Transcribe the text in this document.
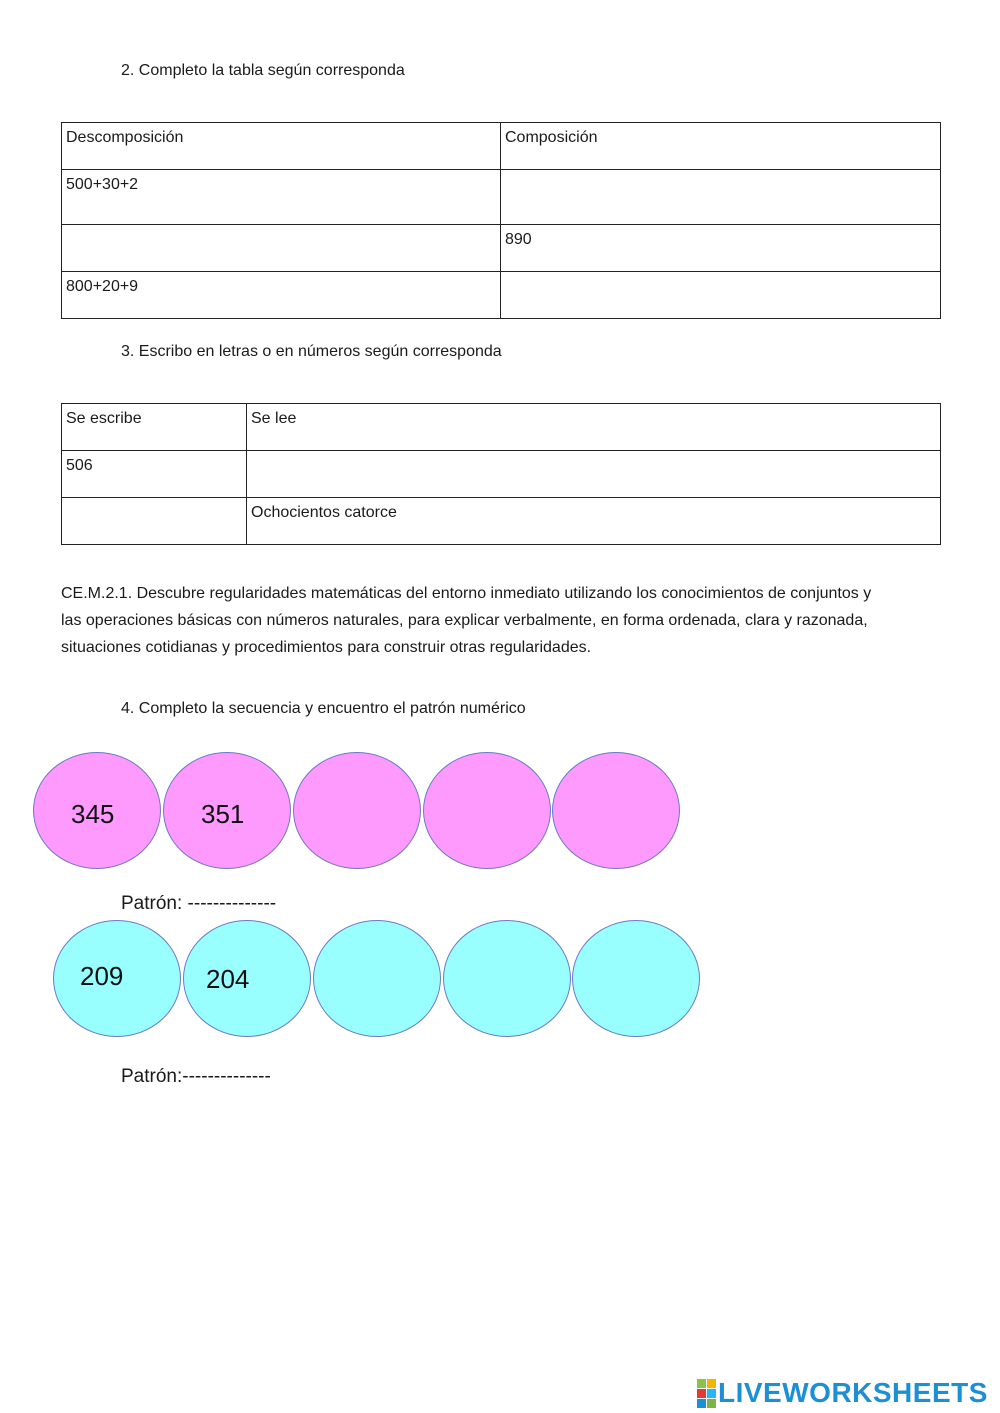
2. Completo la tabla según corresponda
Descomposición	Composición
500+30+2	
	890
800+20+9	
3. Escribo en letras o en números según corresponda
Se escribe	Se lee
506	
	Ochocientos catorce

CE.M.2.1. Descubre regularidades matemáticas del entorno inmediato utilizando los conocimientos de conjuntos y

las operaciones básicas con números naturales, para explicar verbalmente, en forma ordenada, clara y razonada,

situaciones cotidianas y procedimientos para construir otras regularidades.

4. Completo la secuencia y encuentro el patrón numérico
345	351
Patrón: --------------
209	204
Patrón:--------------
LIVEWORKSHEETS
